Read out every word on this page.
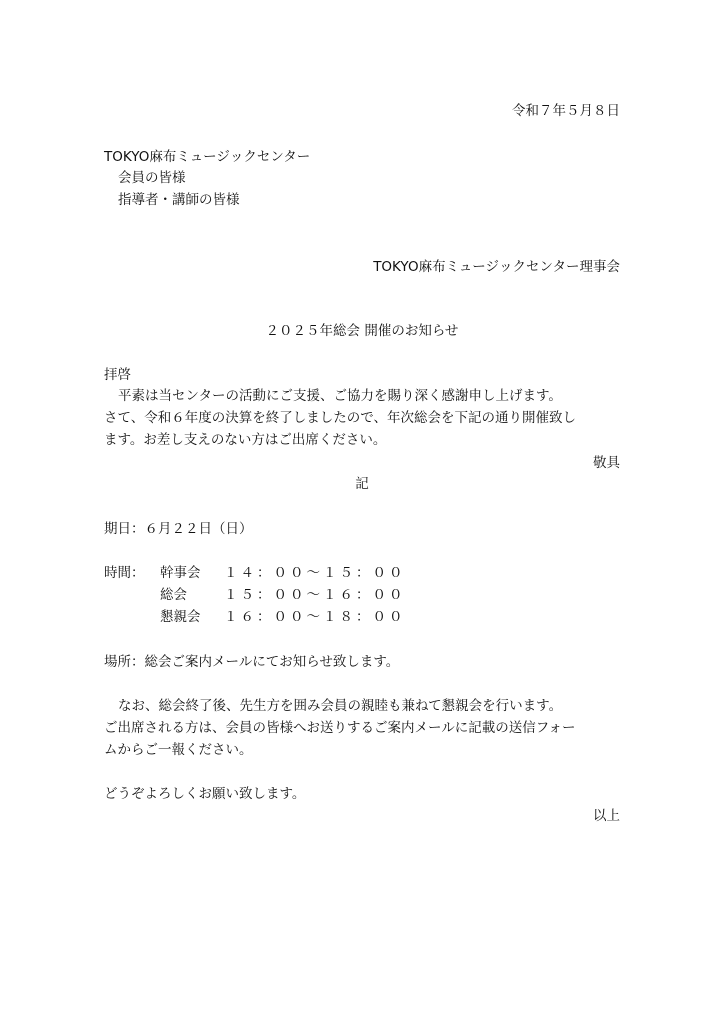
令和７年５月８日
TOKYO麻布ミュージックセンター
会員の皆様
指導者・講師の皆様
TOKYO麻布ミュージックセンター理事会
２０２５年総会 開催のお知らせ
拝啓
平素は当センターの活動にご支援、ご協力を賜り深く感謝申し上げます。
さて、令和６年度の決算を終了しましたので、年次総会を下記の通り開催致し
ます。お差し支えのない方はご出席ください。
敬具
記
期日：６月２２日（日）
時間： 幹事会 １４：００～１５：００
総会	１５：００～１６：００
懇親会 １６：００～１８：００
場所：総会ご案内メールにてお知らせ致します。
なお、総会終了後、先生方を囲み会員の親睦も兼ねて懇親会を行います。
ご出席される方は、会員の皆様へお送りするご案内メールに記載の送信フォー
ムからご一報ください。
どうぞよろしくお願い致します。
以上
